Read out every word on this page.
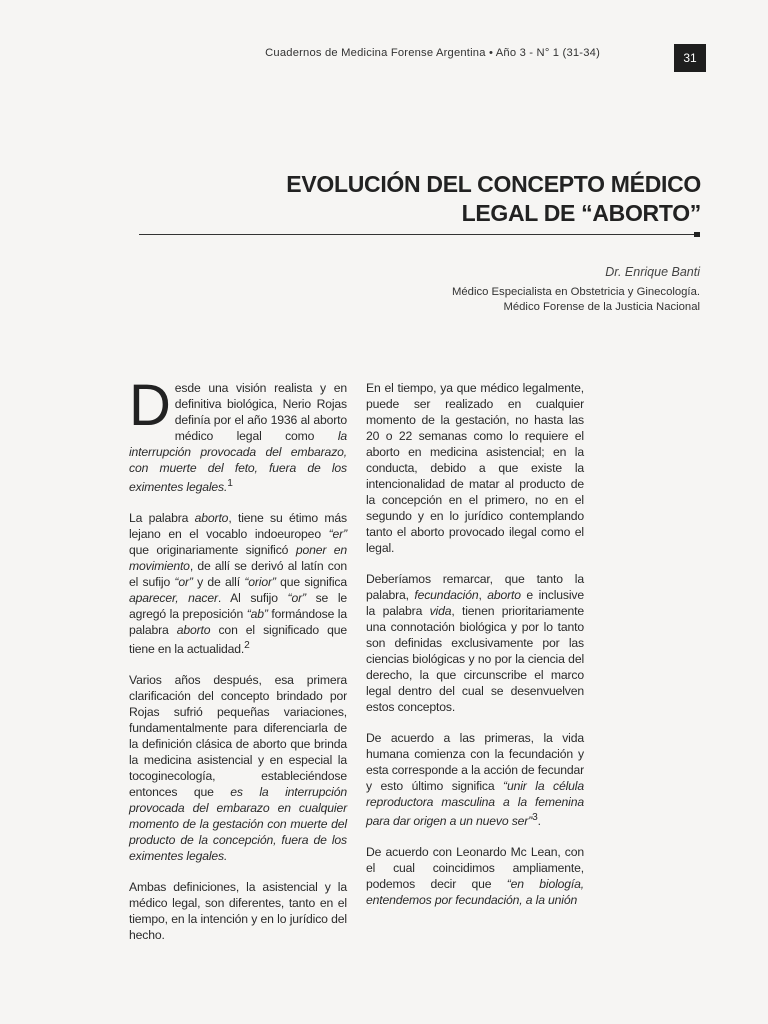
Cuadernos de Medicina Forense Argentina • Año 3 - N° 1 (31-34)	31
EVOLUCIÓN DEL CONCEPTO MÉDICO
LEGAL DE “ABORTO”
Dr. Enrique Banti
Médico Especialista en Obstetricia y Ginecología.
Médico Forense de la Justicia Nacional

Desde una visión realista y en definitiva biológica, Nerio Rojas definía por el año 1936 al aborto médico legal como la interrupción provocada del embarazo, con muerte del feto, fuera de los eximentes legales.$^1$

La palabra aborto, tiene su étimo más lejano en el vocablo indoeuropeo “er” que originariamente significó poner en movimiento, de allí se derivó al latín con el sufijo “or” y de allí “orior” que significa aparecer, nacer. Al sufijo “or” se le agregó la preposición “ab” formándose la palabra aborto con el significado que tiene en la actualidad.$^2$

Varios años después, esa primera clarificación del concepto brindado por Rojas sufrió pequeñas variaciones, fundamentalmente para diferenciarla de la definición clásica de aborto que brinda la medicina asistencial y en especial la tocoginecología, estableciéndose entonces que es la interrupción provocada del embarazo en cualquier momento de la gestación con muerte del producto de la concepción, fuera de los eximentes legales.

Ambas definiciones, la asistencial y la médico legal, son diferentes, tanto en el tiempo, en la intención y en lo jurídico del hecho.

En el tiempo, ya que médico legalmente, puede ser realizado en cualquier momento de la gestación, no hasta las 20 o 22 semanas como lo requiere el aborto en medicina asistencial; en la conducta, debido a que existe la intencionalidad de matar al producto de la concepción en el primero, no en el segundo y en lo jurídico contemplando tanto el aborto provocado ilegal como el legal.

Deberíamos remarcar, que tanto la palabra, fecundación, aborto e inclusive la palabra vida, tienen prioritariamente una connotación biológica y por lo tanto son definidas exclusivamente por las ciencias biológicas y no por la ciencia del derecho, la que circunscribe el marco legal dentro del cual se desenvuelven estos conceptos.

De acuerdo a las primeras, la vida humana comienza con la fecundación y esta corresponde a la acción de fecundar y esto último significa “unir la célula reproductora masculina a la femenina para dar origen a un nuevo ser”$^3$.

De acuerdo con Leonardo Mc Lean, con el cual coincidimos ampliamente, podemos decir que “en biología, entendemos por fecundación, a la unión
